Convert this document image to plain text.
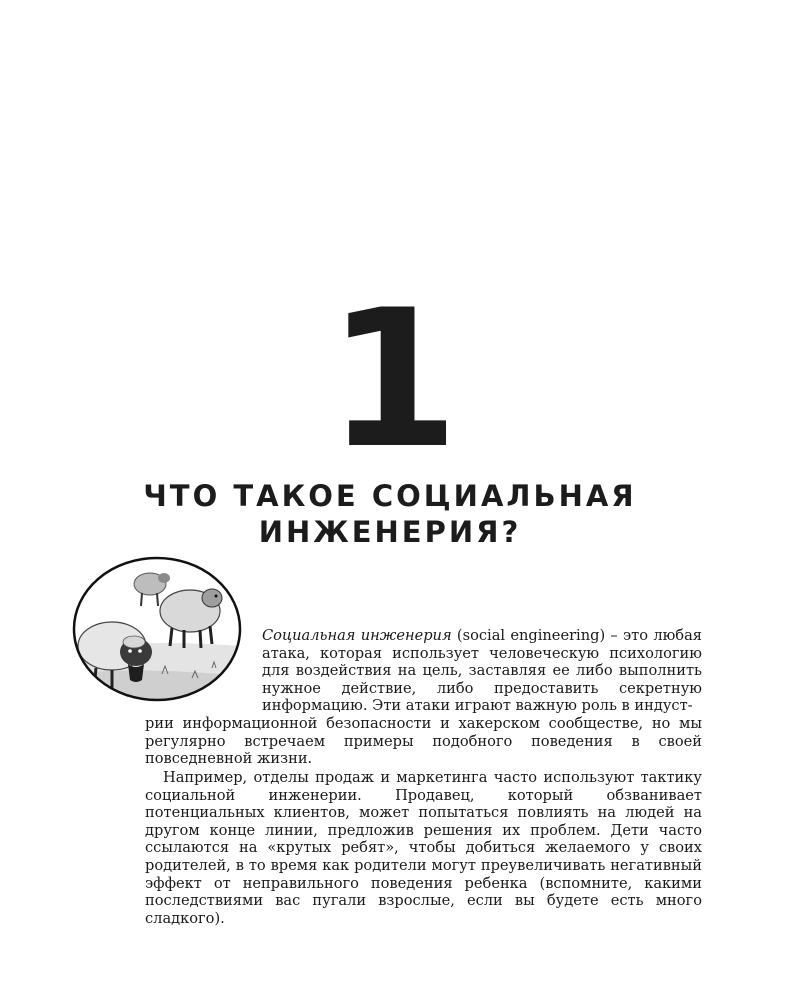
1
ЧТО ТАКОЕ СОЦИАЛЬНАЯ
ИНЖЕНЕРИЯ?

Социальная инженерия (social engineering) – это любая атака, которая использует человеческую психологию для воздействия на цель, заставляя ее либо выполнить нужное действие, либо предоставить секретную информацию. Эти атаки играют важную роль в индуст-

рии информационной безопасности и хакерском сообществе, но мы регулярно встречаем примеры подобного поведения в своей повседневной жизни.

Например, отделы продаж и маркетинга часто используют тактику социальной инженерии. Продавец, который обзванивает потенциальных клиентов, может попытаться повлиять на людей на другом конце линии, предложив решения их проблем. Дети часто ссылаются на «крутых ребят», чтобы добиться желаемого у своих родителей, в то время как родители могут преувеличивать негативный эффект от неправильного поведения ребенка (вспомните, какими последствиями вас пугали взрослые, если вы будете есть много сладкого).
